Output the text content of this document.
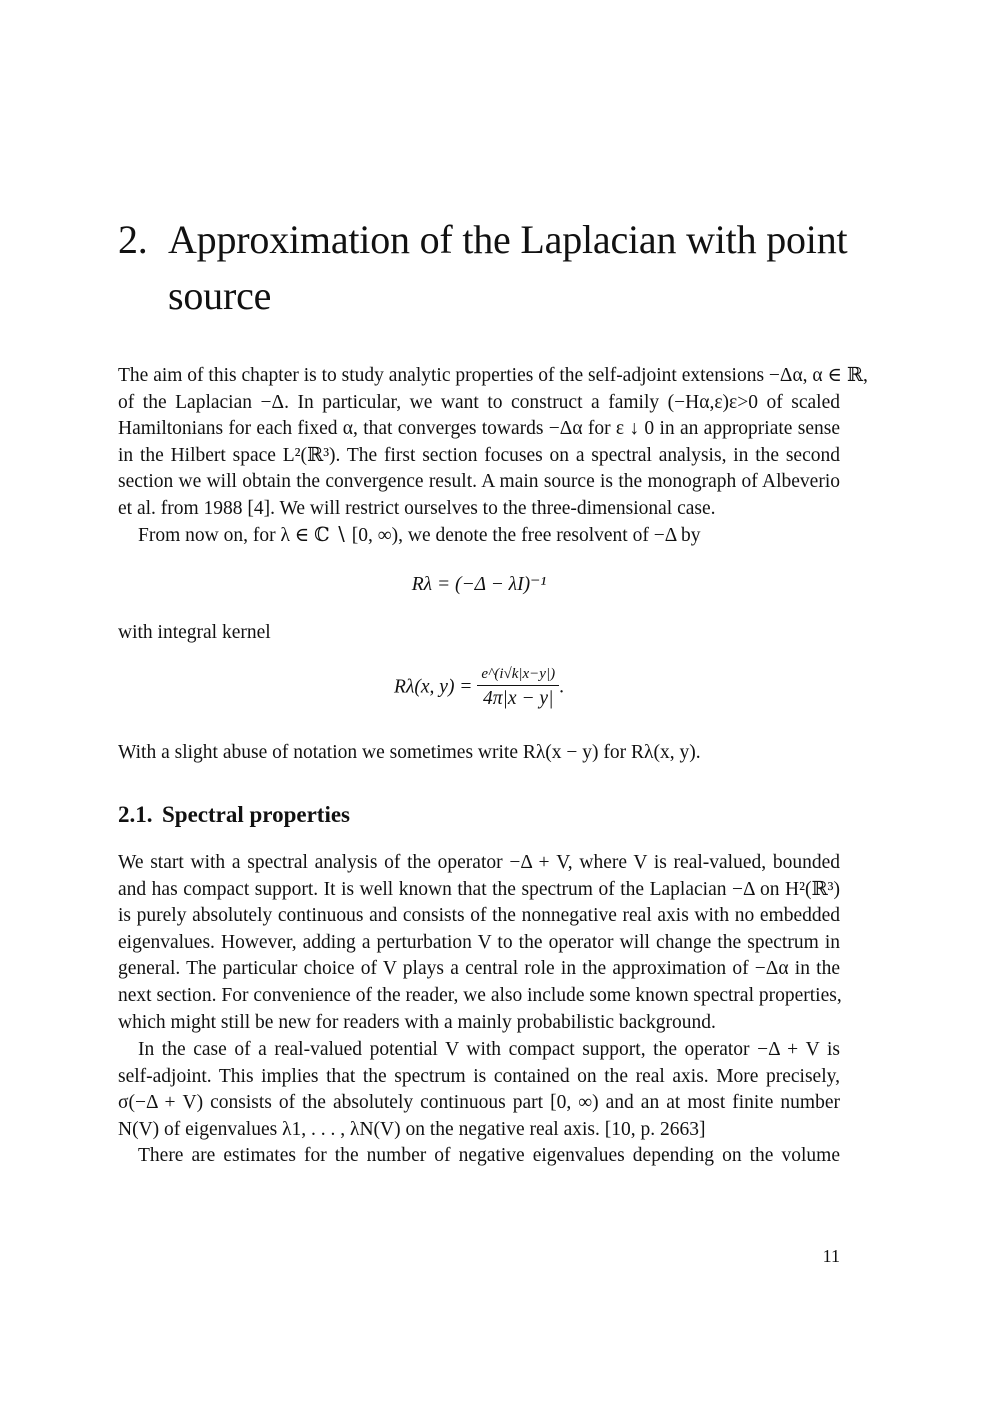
2. Approximation of the Laplacian with point source
The aim of this chapter is to study analytic properties of the self-adjoint extensions −Δα, α ∈ ℝ,
of the Laplacian −Δ. In particular, we want to construct a family (−Hα,ε)ε>0 of scaled
Hamiltonians for each fixed α, that converges towards −Δα for ε ↓ 0 in an appropriate sense
in the Hilbert space L²(ℝ³). The first section focuses on a spectral analysis, in the second
section we will obtain the convergence result. A main source is the monograph of Albeverio
et al. from 1988 [4]. We will restrict ourselves to the three-dimensional case.
From now on, for λ ∈ ℂ ∖ [0, ∞), we denote the free resolvent of −Δ by
Rλ = (−Δ − λI)⁻¹
with integral kernel
Rλ(x, $y) = \frac{e\^{}(i√k|x-y|)}{4\pi|x - y|}$ .
With a slight abuse of notation we sometimes write Rλ(x − y) for Rλ(x, y).
2.1. Spectral properties
We start with a spectral analysis of the operator −Δ + V, where V is real-valued, bounded
and has compact support. It is well known that the spectrum of the Laplacian −Δ on H²(ℝ³)
is purely absolutely continuous and consists of the nonnegative real axis with no embedded
eigenvalues. However, adding a perturbation V to the operator will change the spectrum in
general. The particular choice of V plays a central role in the approximation of −Δα in the
next section. For convenience of the reader, we also include some known spectral properties,
which might still be new for readers with a mainly probabilistic background.
In the case of a real-valued potential V with compact support, the operator −Δ + V is
self-adjoint. This implies that the spectrum is contained on the real axis. More precisely,
σ(−Δ + V) consists of the absolutely continuous part [0, ∞) and an at most finite number
N(V) of eigenvalues λ1, . . . , λN(V) on the negative real axis. [10, p. 2663]
There are estimates for the number of negative eigenvalues depending on the volume
11
